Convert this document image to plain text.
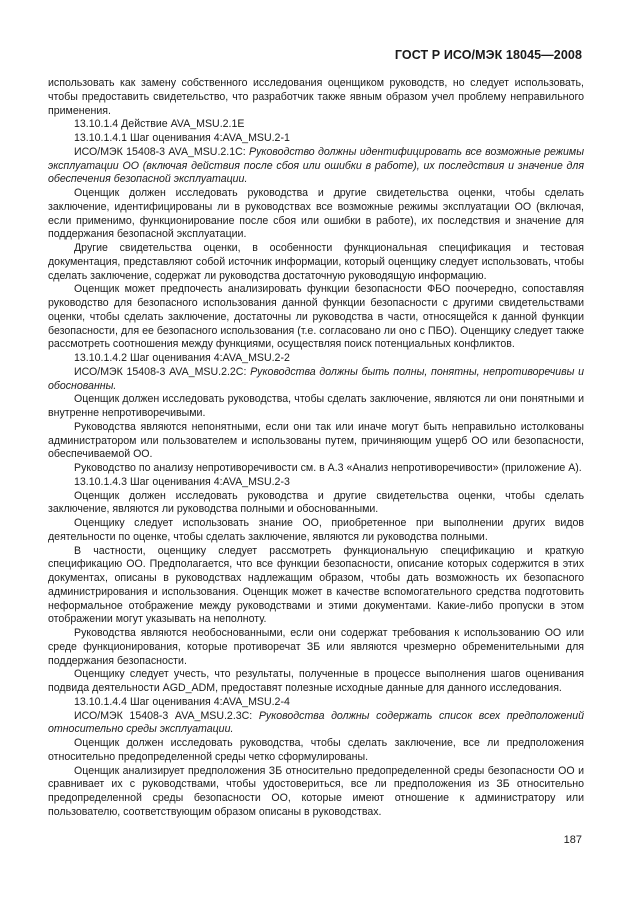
ГОСТ Р ИСО/МЭК 18045—2008

использовать как замену собственного исследования оценщиком руководств, но следует использовать, чтобы предоставить свидетельство, что разработчик также явным образом учел проблему неправильного применения.

13.10.1.4 Действие AVA_MSU.2.1E

13.10.1.4.1 Шаг оценивания 4:AVA_MSU.2-1

ИСО/МЭК 15408-3 AVA_MSU.2.1C: Руководство должны идентифицировать все возможные режимы эксплуатации ОО (включая действия после сбоя или ошибки в работе), их последствия и значение для обеспечения безопасной эксплуатации.

Оценщик должен исследовать руководства и другие свидетельства оценки, чтобы сделать заключение, идентифицированы ли в руководствах все возможные режимы эксплуатации ОО (включая, если применимо, функционирование после сбоя или ошибки в работе), их последствия и значение для поддержания безопасной эксплуатации.

Другие свидетельства оценки, в особенности функциональная спецификация и тестовая документация, представляют собой источник информации, который оценщику следует использовать, чтобы сделать заключение, содержат ли руководства достаточную руководящую информацию.

Оценщик может предпочесть анализировать функции безопасности ФБО поочередно, сопоставляя руководство для безопасного использования данной функции безопасности с другими свидетельствами оценки, чтобы сделать заключение, достаточны ли руководства в части, относящейся к данной функции безопасности, для ее безопасного использования (т.е. согласовано ли оно с ПБО). Оценщику следует также рассмотреть соотношения между функциями, осуществляя поиск потенциальных конфликтов.

13.10.1.4.2 Шаг оценивания 4:AVA_MSU.2-2

ИСО/МЭК 15408-3 AVA_MSU.2.2C: Руководства должны быть полны, понятны, непротиворечивы и обоснованны.

Оценщик должен исследовать руководства, чтобы сделать заключение, являются ли они понятными и внутренне непротиворечивыми.

Руководства являются непонятными, если они так или иначе могут быть неправильно истолкованы администратором или пользователем и использованы путем, причиняющим ущерб ОО или безопасности, обеспечиваемой ОО.

Руководство по анализу непротиворечивости см. в А.3 «Анализ непротиворечивости» (приложение А).

13.10.1.4.3 Шаг оценивания 4:AVA_MSU.2-3

Оценщик должен исследовать руководства и другие свидетельства оценки, чтобы сделать заключение, являются ли руководства полными и обоснованными.

Оценщику следует использовать знание ОО, приобретенное при выполнении других видов деятельности по оценке, чтобы сделать заключение, являются ли руководства полными.

В частности, оценщику следует рассмотреть функциональную спецификацию и краткую спецификацию ОО. Предполагается, что все функции безопасности, описание которых содержится в этих документах, описаны в руководствах надлежащим образом, чтобы дать возможность их безопасного администрирования и использования. Оценщик может в качестве вспомогательного средства подготовить неформальное отображение между руководствами и этими документами. Какие-либо пропуски в этом отображении могут указывать на неполноту.

Руководства являются необоснованными, если они содержат требования к использованию ОО или среде функционирования, которые противоречат ЗБ или являются чрезмерно обременительными для поддержания безопасности.

Оценщику следует учесть, что результаты, полученные в процессе выполнения шагов оценивания подвида деятельности AGD_ADM, предоставят полезные исходные данные для данного исследования.

13.10.1.4.4 Шаг оценивания 4:AVA_MSU.2-4

ИСО/МЭК 15408-3 AVA_MSU.2.3C: Руководства должны содержать список всех предположений относительно среды эксплуатации.

Оценщик должен исследовать руководства, чтобы сделать заключение, все ли предположения относительно предопределенной среды четко сформулированы.

Оценщик анализирует предположения ЗБ относительно предопределенной среды безопасности ОО и сравнивает их с руководствами, чтобы удостовериться, все ли предположения из ЗБ относительно предопределенной среды безопасности ОО, которые имеют отношение к администратору или пользователю, соответствующим образом описаны в руководствах.

187
